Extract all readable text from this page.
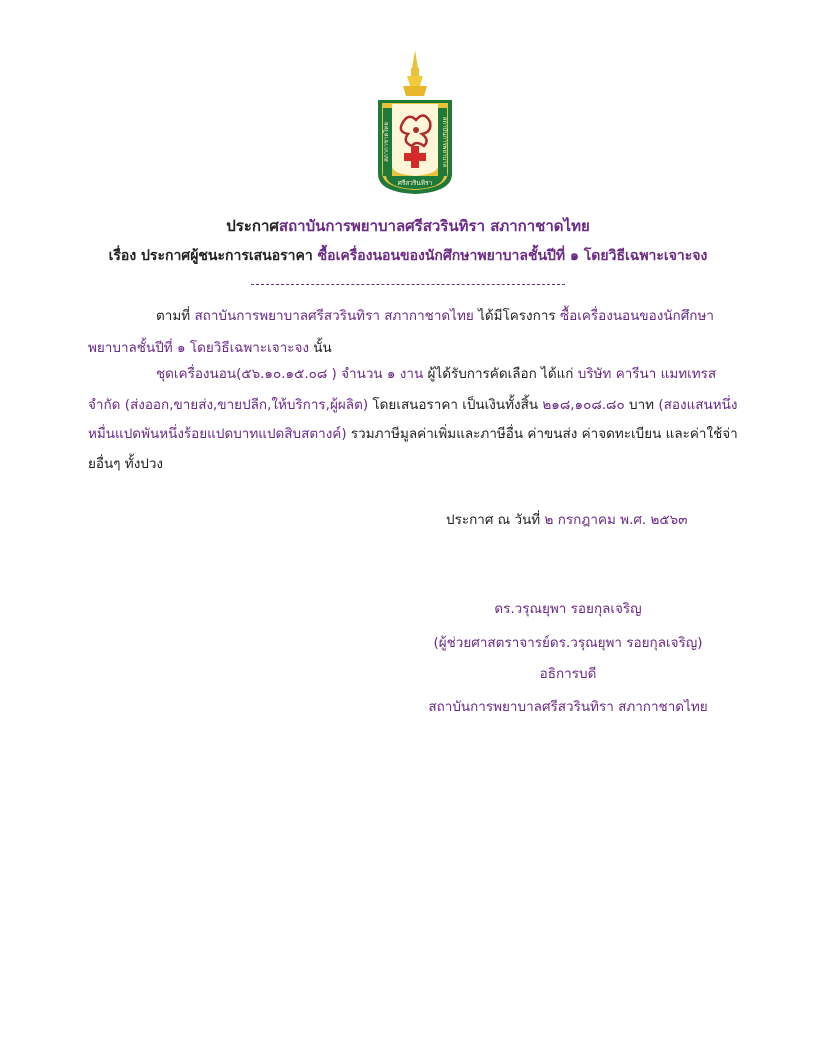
สภากาชาดไทย	สถาบันการพยาบาล
ศรีสวรินทิรา
ประกาศสถาบันการพยาบาลศรีสวรินทิรา สภากาชาดไทย
เรื่อง ประกาศผู้ชนะการเสนอราคา ซื้อเครื่องนอนของนักศึกษาพยาบาลชั้นปีที่ ๑ โดยวิธีเฉพาะเจาะจง
ตามที่ สถาบันการพยาบาลศรีสวรินทิรา สภากาชาดไทย ได้มีโครงการ ซื้อเครื่องนอนของนักศึกษา
พยาบาลชั้นปีที่ ๑ โดยวิธีเฉพาะเจาะจง นั้น
ชุดเครื่องนอน(๕๖.๑๐.๑๕.๐๘ ) จำนวน ๑ งาน ผู้ได้รับการคัดเลือก ได้แก่ บริษัท คารีนา แมทเทรส
จำกัด (ส่งออก,ขายส่ง,ขายปลีก,ให้บริการ,ผู้ผลิต) โดยเสนอราคา เป็นเงินทั้งสิ้น ๒๑๘,๑๐๘.๘๐ บาท (สองแสนหนึ่ง
หมื่นแปดพันหนึ่งร้อยแปดบาทแปดสิบสตางค์) รวมภาษีมูลค่าเพิ่มและภาษีอื่น ค่าขนส่ง ค่าจดทะเบียน และค่าใช้จ่า
ยอื่นๆ ทั้งปวง
ประกาศ ณ วันที่ ๒ กรกฎาคม พ.ศ. ๒๕๖๓
ดร.วรุณยุพา รอยกุลเจริญ
(ผู้ช่วยศาสตราจารย์ดร.วรุณยุพา รอยกุลเจริญ)
อธิการบดี
สถาบันการพยาบาลศรีสวรินทิรา สภากาชาดไทย
